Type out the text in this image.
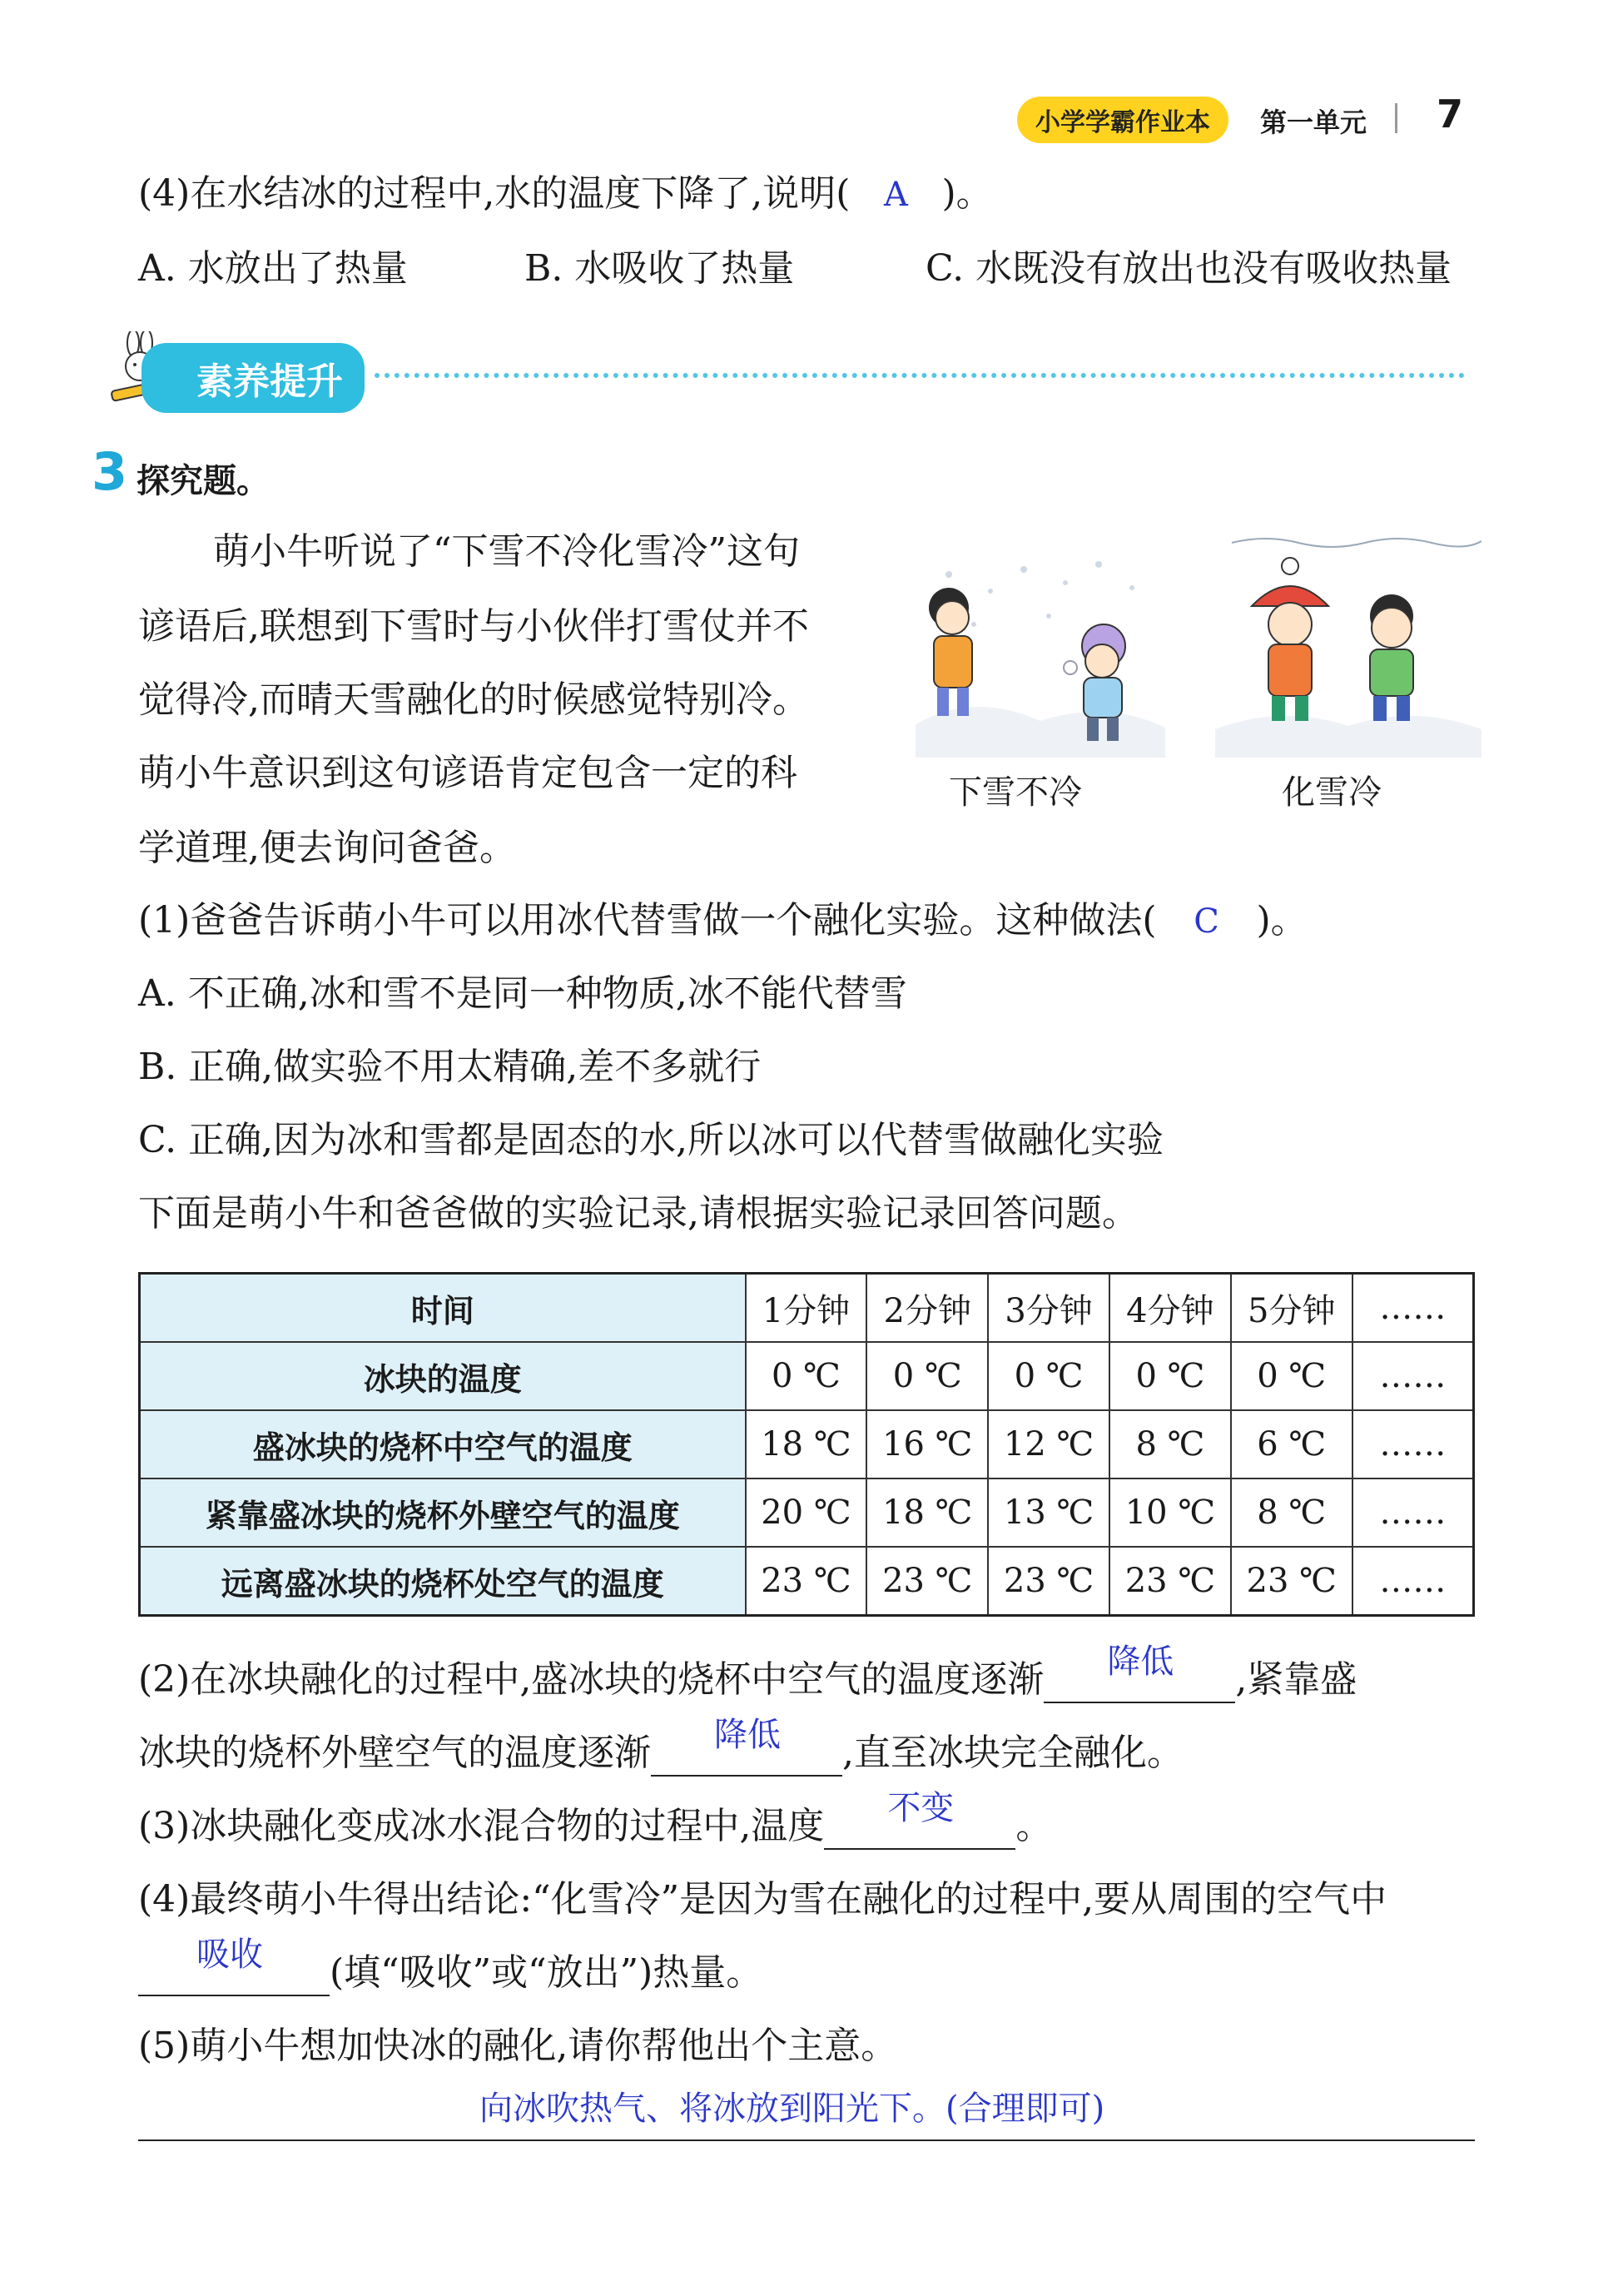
小学学霸作业本	第一单元 7
(4)在水结冰的过程中,水的温度下降了,说明( A )。
A. 水放出了热量	B. 水吸收了热量	C. 水既没有放出也没有吸收热量
素养提升
3 探究题。
萌小牛听说了“下雪不冷化雪冷”这句
谚语后,联想到下雪时与小伙伴打雪仗并不
觉得冷,而晴天雪融化的时候感觉特别冷。
萌小牛意识到这句谚语肯定包含一定的科
学道理,便去询问爸爸。
下雪不冷	化雪冷
(1)爸爸告诉萌小牛可以用冰代替雪做一个融化实验。这种做法( C )。
A. 不正确,冰和雪不是同一种物质,冰不能代替雪
B. 正确,做实验不用太精确,差不多就行
C. 正确,因为冰和雪都是固态的水,所以冰可以代替雪做融化实验
下面是萌小牛和爸爸做的实验记录,请根据实验记录回答问题。
时间	1分钟	2分钟	3分钟	4分钟	5分钟	……
冰块的温度	0 ℃	0 ℃	0 ℃	0 ℃	0 ℃	……
盛冰块的烧杯中空气的温度	18 ℃	16 ℃	12 ℃	8 ℃	6 ℃	……
紧靠盛冰块的烧杯外壁空气的温度	20 ℃	18 ℃	13 ℃	10 ℃	8 ℃	……
远离盛冰块的烧杯处空气的温度	23 ℃	23 ℃	23 ℃	23 ℃	23 ℃	……
(2)在冰块融化的过程中,盛冰块的烧杯中空气的温度逐渐 降低 ,紧靠盛
冰块的烧杯外壁空气的温度逐渐 降低 ,直至冰块完全融化。
(3)冰块融化变成冰水混合物的过程中,温度 不变 。
(4)最终萌小牛得出结论:“化雪冷”是因为雪在融化的过程中,要从周围的空气中
吸收 (填“吸收”或“放出”)热量。
(5)萌小牛想加快冰的融化,请你帮他出个主意。
向冰吹热气、将冰放到阳光下。(合理即可)
